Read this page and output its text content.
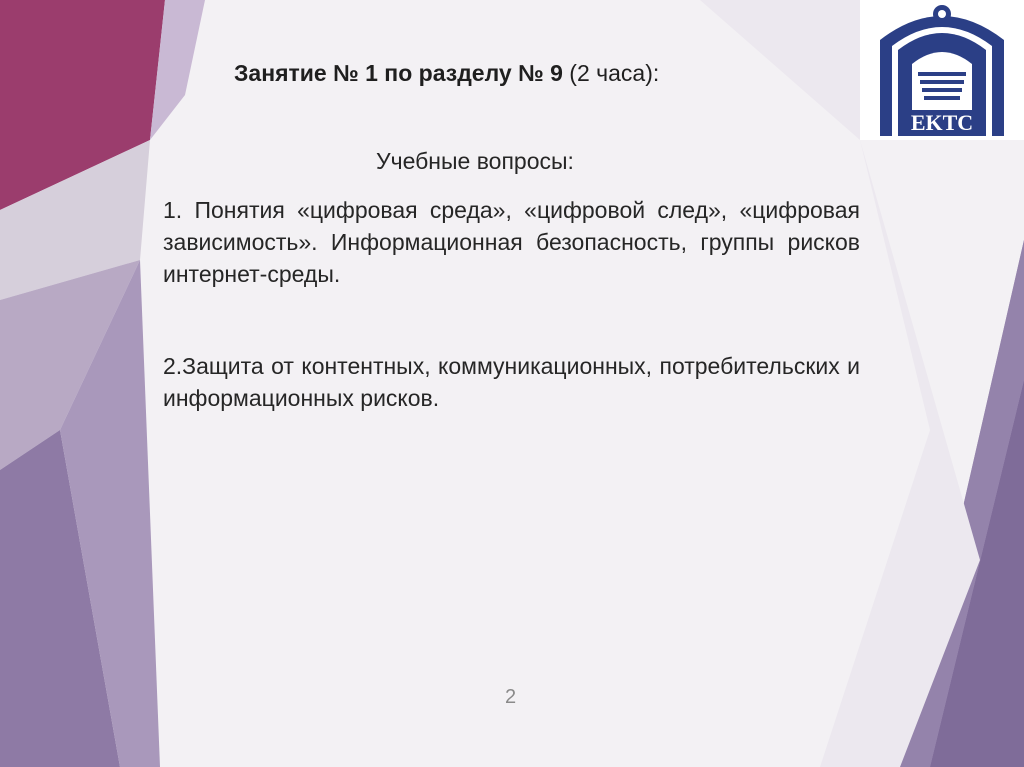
EKTC
Занятие № 1 по разделу № 9 (2 часа):
Учебные вопросы:
1. Понятия «цифровая среда», «цифровой след», «цифровая зависимость». Информационная безопасность, группы рисков интернет-среды.
2.Защита от контентных, коммуникационных, потребительских и информационных рисков.
2
